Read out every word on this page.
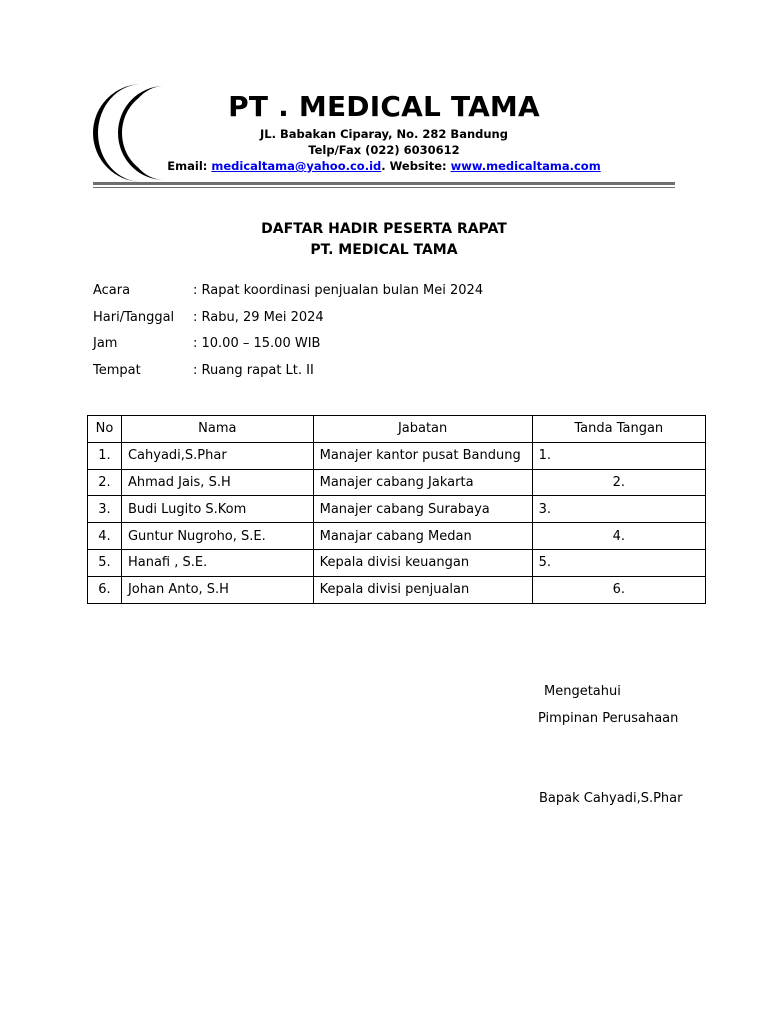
PT . MEDICAL TAMA
JL. Babakan Ciparay, No. 282 Bandung
Telp/Fax (022) 6030612
Email: medicaltama@yahoo.co.id. Website: www.medicaltama.com
DAFTAR HADIR PESERTA RAPAT
PT. MEDICAL TAMA
Acara	: Rapat koordinasi penjualan bulan Mei 2024
Hari/Tanggal	: Rabu, 29 Mei 2024
Jam	: 10.00 – 15.00 WIB
Tempat	: Ruang rapat Lt. II
No	Nama	Jabatan	Tanda Tangan
1.	Cahyadi,S.Phar	Manajer kantor pusat Bandung	1.
2.	Ahmad Jais, S.H	Manajer cabang Jakarta	2.
3.	Budi Lugito S.Kom	Manajer cabang Surabaya	3.
4.	Guntur Nugroho, S.E.	Manajar cabang Medan	4.
5.	Hanafi , S.E.	Kepala divisi keuangan	5.
6.	Johan Anto, S.H	Kepala divisi penjualan	6.
Mengetahui
Pimpinan Perusahaan
Bapak Cahyadi,S.Phar
